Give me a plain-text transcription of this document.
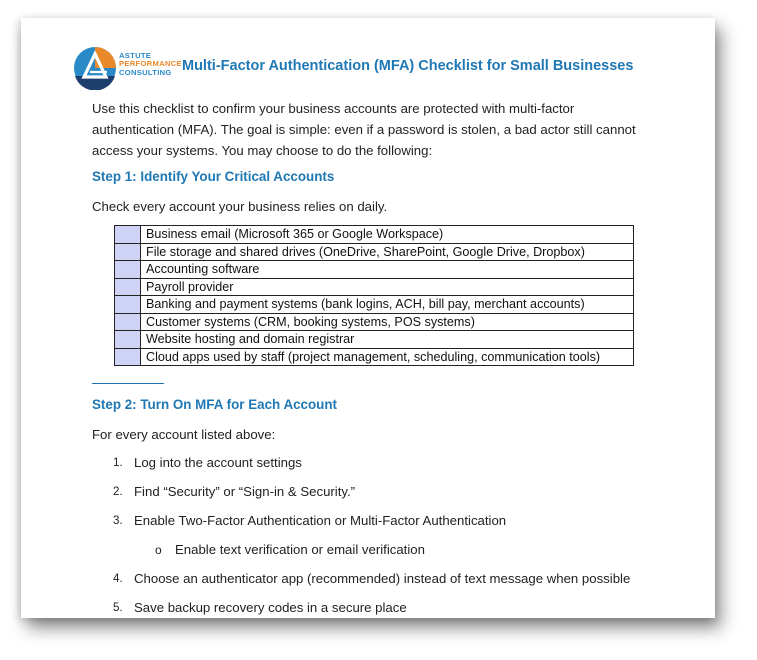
ASTUTE
PERFORMANCE
CONSULTING Multi-Factor Authentication (MFA) Checklist for Small Businesses
Use this checklist to confirm your business accounts are protected with multi-factor authentication (MFA). The goal is simple: even if a password is stolen, a bad actor still cannot access your systems. You may choose to do the following:
Step 1: Identify Your Critical Accounts
Check every account your business relies on daily.
	Business email (Microsoft 365 or Google Workspace)
	File storage and shared drives (OneDrive, SharePoint, Google Drive, Dropbox)
	Accounting software
	Payroll provider
	Banking and payment systems (bank logins, ACH, bill pay, merchant accounts)
	Customer systems (CRM, booking systems, POS systems)
	Website hosting and domain registrar
	Cloud apps used by staff (project management, scheduling, communication tools)
Step 2: Turn On MFA for Each Account
For every account listed above:
1. Log into the account settings
2. Find “Security” or “Sign-in & Security.”
3. Enable Two-Factor Authentication or Multi-Factor Authentication
o Enable text verification or email verification
4. Choose an authenticator app (recommended) instead of text message when possible
5. Save backup recovery codes in a secure place
